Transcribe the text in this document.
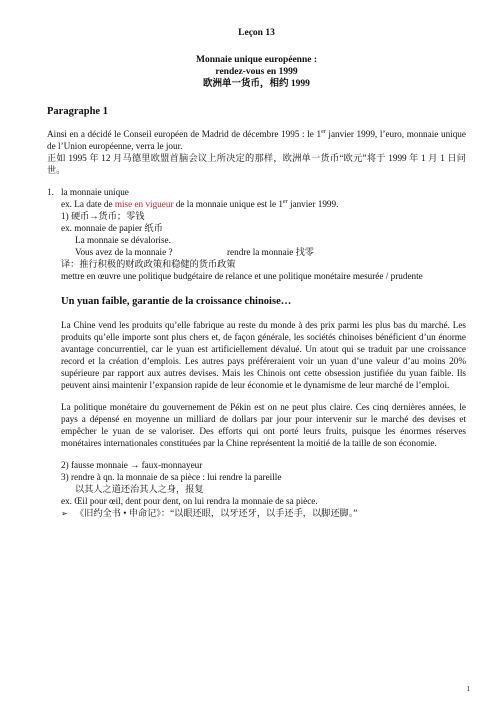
Leçon 13
Monnaie unique européenne :
rendez-vous en 1999
欧洲单一货币，相约 1999
Paragraphe 1

Ainsi en a décidé le Conseil européen de Madrid de décembre 1995 : le 1er janvier 1999, l’euro, monnaie unique de l’Union européenne, verra le jour.

正如 1995 年 12 月马德里欧盟首脑会议上所决定的那样，欧洲单一货币“欧元”将于 1999 年 1 月 1 日问世。

1. la monnaie unique

ex. La date de mise en vigueur de la monnaie unique est le 1er janvier 1999.

1) 硬币→货币；零钱

ex. monnaie de papier 纸币

La monnaie se dévalorise.

Vous avez de la monnaie ?	rendre la monnaie 找零

译：推行积极的财政政策和稳健的货币政策

mettre en œuvre une politique budgétaire de relance et une politique monétaire mesurée / prudente

Un yuan faible, garantie de la croissance chinoise…

La Chine vend les produits qu’elle fabrique au reste du monde à des prix parmi les plus bas du marché. Les produits qu’elle importe sont plus chers et, de façon générale, les sociétés chinoises bénéficient d’un énorme avantage concurrentiel, car le yuan est artificiellement dévalué. Un atout qui se traduit par une croissance record et la création d’emplois. Les autres pays préféreraient voir un yuan d’une valeur d’au moins 20% supérieure par rapport aux autres devises. Mais les Chinois ont cette obsession justifiée du yuan faible. Ils peuvent ainsi maintenir l’expansion rapide de leur économie et le dynamisme de leur marché de l’emploi.

La politique monétaire du gouvernement de Pékin est on ne peut plus claire. Ces cinq dernières années, le pays a dépensé en moyenne un milliard de dollars par jour pour intervenir sur le marché des devises et empêcher le yuan de se valoriser. Des efforts qui ont porté leurs fruits, puisque les énormes réserves monétaires internationales constituées par la Chine représentent la moitié de la taille de son économie.

2) fausse monnaie → faux-monnayeur

3) rendre à qn. la monnaie de sa pièce : lui rendre la pareille

以其人之道还治其人之身，报复

ex. Œil pour œil, dent pour dent, on lui rendra la monnaie de sa pièce.

➢ 《旧约全书 • 申命记》：“以眼还眼，以牙还牙，以手还手，以脚还脚。”

1
